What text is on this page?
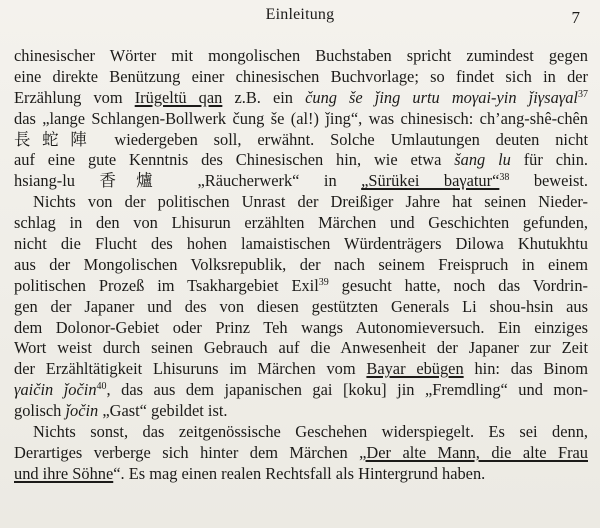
Einleitung	7
chinesischer Wörter mit mongolischen Buchstaben spricht zumindest gegen
eine direkte Benützung einer chinesischen Buchvorlage; so findet sich in der
Erzählung vom Irügeltü qan z.B. ein čung še ǰing urtu moγai-yin ǰiγsaγal$^{37}$
das „lange Schlangen-Bollwerk čung še (al!) ǰing“, was chinesisch: ch’ang-shê-chên
長蛇陣 wiedergeben soll, erwähnt. Solche Umlautungen deuten nicht
auf eine gute Kenntnis des Chinesischen hin, wie etwa šang lu für chin.
hsiang-lu 香爐 „Räucherwerk“ in „Sürükei baγatur“$^{38}$ beweist.
Nichts von der politischen Unrast der Dreißiger Jahre hat seinen Nieder-
schlag in den von Lhisurun erzählten Märchen und Geschichten gefunden,
nicht die Flucht des hohen lamaistischen Würdenträgers Dilowa Khutukhtu
aus der Mongolischen Volksrepublik, der nach seinem Freispruch in einem
politischen Prozeß im Tsakhargebiet Exil$^{39}$ gesucht hatte, noch das Vordrin-
gen der Japaner und des von diesen gestützten Generals Li shou-hsin aus
dem Dolonor-Gebiet oder Prinz Teh wangs Autonomieversuch. Ein einziges
Wort weist durch seinen Gebrauch auf die Anwesenheit der Japaner zur Zeit
der Erzähltätigkeit Lhisuruns im Märchen vom Bayar ebügen hin: das Binom
γaičin ǰočin$^{40}$, das aus dem japanischen gai [koku] jin „Fremdling“ und mon-
golisch ǰočin „Gast“ gebildet ist.
Nichts sonst, das zeitgenössische Geschehen widerspiegelt. Es sei denn,
Derartiges verberge sich hinter dem Märchen „Der alte Mann, die alte Frau
und ihre Söhne“. Es mag einen realen Rechtsfall als Hintergrund haben.
